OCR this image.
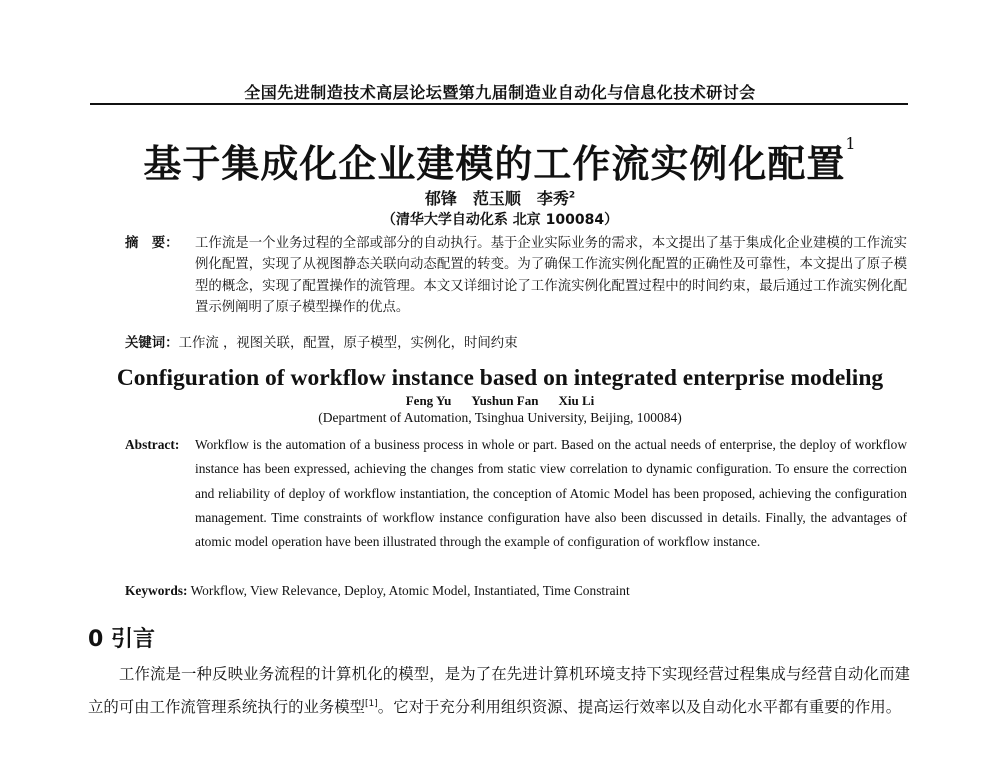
全国先进制造技术高层论坛暨第九届制造业自动化与信息化技术研讨会
基于集成化企业建模的工作流实例化配置$^1$
郁锋 范玉顺 李秀$^2$
（清华大学自动化系 北京 100084）
摘　要： 工作流是一个业务过程的全部或部分的自动执行。基于企业实际业务的需求，本文提出了基于集成化企业建模的工作流实例化配置，实现了从视图静态关联向动态配置的转变。为了确保工作流实例化配置的正确性及可靠性，本文提出了原子模型的概念，实现了配置操作的流管理。本文又详细讨论了工作流实例化配置过程中的时间约束，最后通过工作流实例化配置示例阐明了原子模型操作的优点。
关键词：工作流 ，视图关联，配置，原子模型，实例化，时间约束
Configuration of workflow instance based on integrated enterprise modeling
Feng Yu Yushun Fan Xiu Li
(Department of Automation, Tsinghua University, Beijing, 100084)
Abstract: Workflow is the automation of a business process in whole or part. Based on the actual needs of enterprise, the deploy of workflow instance has been expressed, achieving the changes from static view correlation to dynamic configuration. To ensure the correction and reliability of deploy of workflow instantiation, the conception of Atomic Model has been proposed, achieving the configuration management. Time constraints of workflow instance configuration have also been discussed in details. Finally, the advantages of atomic model operation have been illustrated through the example of configuration of workflow instance.
Keywords: Workflow, View Relevance, Deploy, Atomic Model, Instantiated, Time Constraint
0 引言
工作流是一种反映业务流程的计算机化的模型，是为了在先进计算机环境支持下实现经营过程集成与经营自动化而建立的可由工作流管理系统执行的业务模型[1]。它对于充分利用组织资源、提高运行效率以及自动化水平都有重要的作用。
